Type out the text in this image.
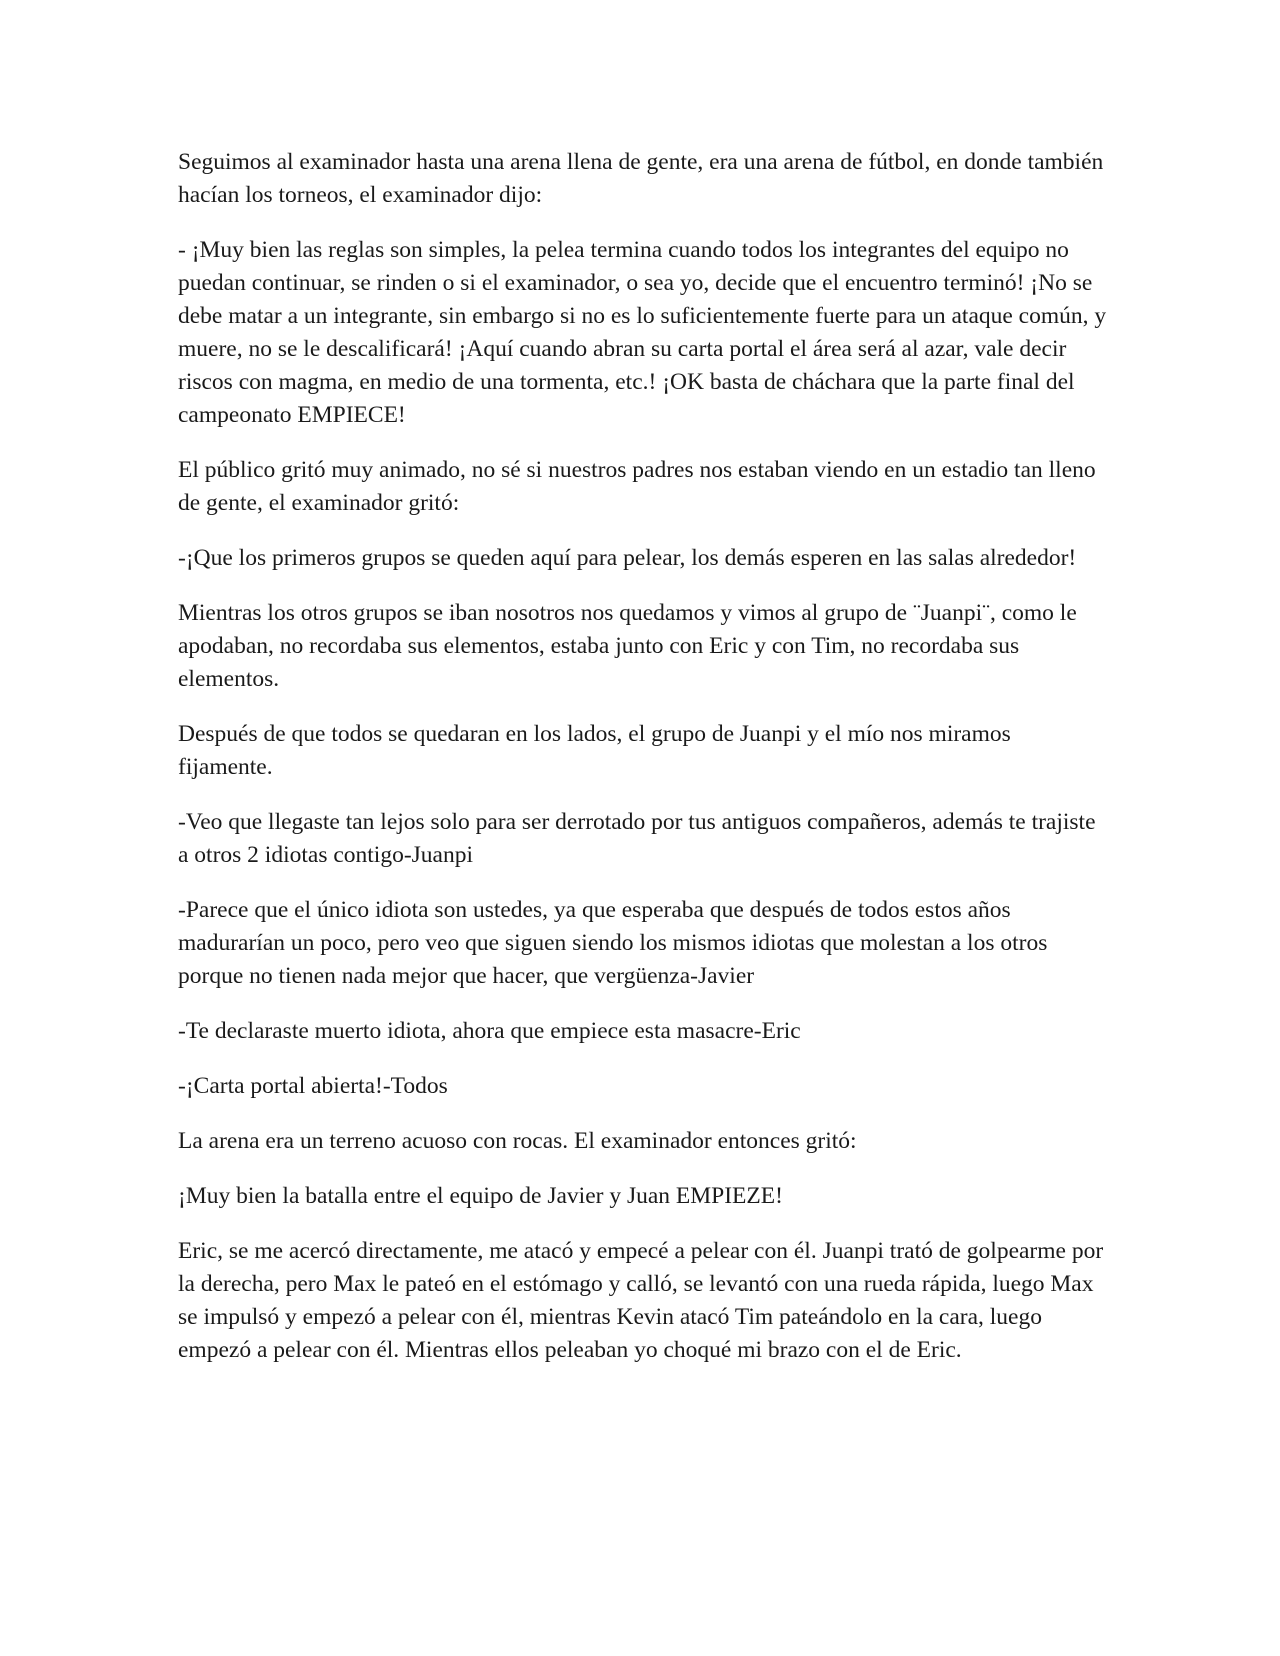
Seguimos al examinador hasta una arena llena de gente, era una arena de fútbol, en donde también hacían los torneos, el examinador dijo:

- ¡Muy bien las reglas son simples, la pelea termina cuando todos los integrantes del equipo no puedan continuar, se rinden o si el examinador, o sea yo, decide que el encuentro terminó! ¡No se debe matar a un integrante, sin embargo si no es lo suficientemente fuerte para un ataque común, y muere, no se le descalificará! ¡Aquí cuando abran su carta portal el área será al azar, vale decir riscos con magma, en medio de una tormenta, etc.! ¡OK basta de cháchara que la parte final del campeonato EMPIECE!

El público gritó muy animado, no sé si nuestros padres nos estaban viendo en un estadio tan lleno de gente, el examinador gritó:

-¡Que los primeros grupos se queden aquí para pelear, los demás esperen en las salas alrededor!

Mientras los otros grupos se iban nosotros nos quedamos y vimos al grupo de ¨Juanpi¨, como le apodaban, no recordaba sus elementos, estaba junto con Eric y con Tim, no recordaba sus elementos.

Después de que todos se quedaran en los lados, el grupo de Juanpi y el mío nos miramos fijamente.

-Veo que llegaste tan lejos solo para ser derrotado por tus antiguos compañeros, además te trajiste a otros 2 idiotas contigo-Juanpi

-Parece que el único idiota son ustedes, ya que esperaba que después de todos estos años madurarían un poco, pero veo que siguen siendo los mismos idiotas que molestan a los otros porque no tienen nada mejor que hacer, que vergüenza-Javier

-Te declaraste muerto idiota, ahora que empiece esta masacre-Eric

-¡Carta portal abierta!-Todos

La arena era un terreno acuoso con rocas. El examinador entonces gritó:

¡Muy bien la batalla entre el equipo de Javier y Juan EMPIEZE!

Eric, se me acercó directamente, me atacó y empecé a pelear con él. Juanpi trató de golpearme por la derecha, pero Max le pateó en el estómago y calló, se levantó con una rueda rápida, luego Max se impulsó y empezó a pelear con él, mientras Kevin atacó Tim pateándolo en la cara, luego empezó a pelear con él. Mientras ellos peleaban yo choqué mi brazo con el de Eric.
